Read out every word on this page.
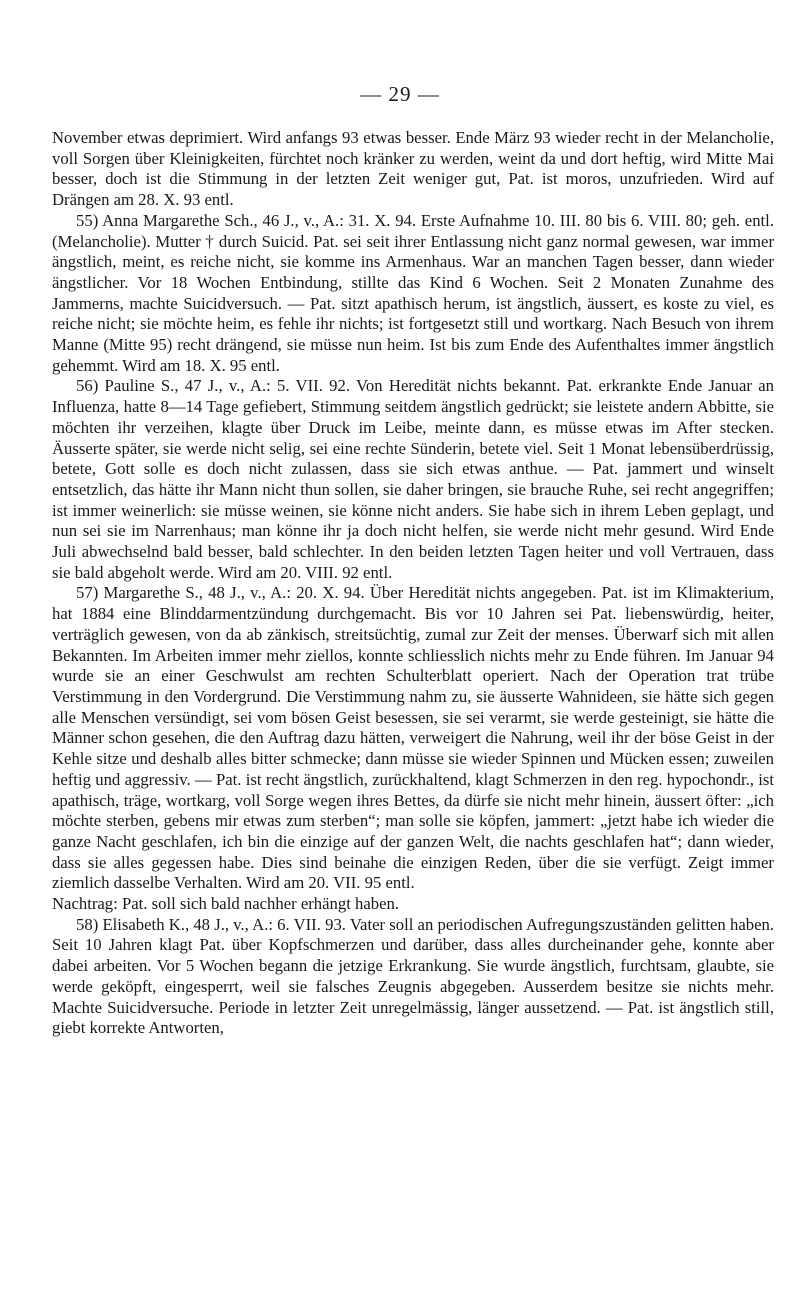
— 29 —

November etwas deprimiert. Wird anfangs 93 etwas besser. Ende März 93 wieder recht in der Melancholie, voll Sorgen über Kleinigkeiten, fürchtet noch kränker zu werden, weint da und dort heftig, wird Mitte Mai besser, doch ist die Stimmung in der letzten Zeit weniger gut, Pat. ist moros, unzufrieden. Wird auf Drängen am 28. X. 93 entl.

55) Anna Margarethe Sch., 46 J., v., A.: 31. X. 94. Erste Aufnahme 10. III. 80 bis 6. VIII. 80; geh. entl. (Melancholie). Mutter † durch Suicid. Pat. sei seit ihrer Entlassung nicht ganz normal gewesen, war immer ängstlich, meint, es reiche nicht, sie komme ins Armenhaus. War an manchen Tagen besser, dann wieder ängstlicher. Vor 18 Wochen Entbindung, stillte das Kind 6 Wochen. Seit 2 Monaten Zunahme des Jammerns, machte Suicidversuch. — Pat. sitzt apathisch herum, ist ängstlich, äussert, es koste zu viel, es reiche nicht; sie möchte heim, es fehle ihr nichts; ist fortgesetzt still und wortkarg. Nach Besuch von ihrem Manne (Mitte 95) recht drängend, sie müsse nun heim. Ist bis zum Ende des Aufenthaltes immer ängstlich gehemmt. Wird am 18. X. 95 entl.

56) Pauline S., 47 J., v., A.: 5. VII. 92. Von Heredität nichts bekannt. Pat. erkrankte Ende Januar an Influenza, hatte 8—14 Tage gefiebert, Stimmung seitdem ängstlich gedrückt; sie leistete andern Abbitte, sie möchten ihr verzeihen, klagte über Druck im Leibe, meinte dann, es müsse etwas im After stecken. Äusserte später, sie werde nicht selig, sei eine rechte Sünderin, betete viel. Seit 1 Monat lebensüberdrüssig, betete, Gott solle es doch nicht zulassen, dass sie sich etwas anthue. — Pat. jammert und winselt entsetzlich, das hätte ihr Mann nicht thun sollen, sie daher bringen, sie brauche Ruhe, sei recht angegriffen; ist immer weinerlich: sie müsse weinen, sie könne nicht anders. Sie habe sich in ihrem Leben geplagt, und nun sei sie im Narrenhaus; man könne ihr ja doch nicht helfen, sie werde nicht mehr gesund. Wird Ende Juli abwechselnd bald besser, bald schlechter. In den beiden letzten Tagen heiter und voll Vertrauen, dass sie bald abgeholt werde. Wird am 20. VIII. 92 entl.

57) Margarethe S., 48 J., v., A.: 20. X. 94. Über Heredität nichts angegeben. Pat. ist im Klimakterium, hat 1884 eine Blinddarmentzündung durchgemacht. Bis vor 10 Jahren sei Pat. liebenswürdig, heiter, verträglich gewesen, von da ab zänkisch, streitsüchtig, zumal zur Zeit der menses. Überwarf sich mit allen Bekannten. Im Arbeiten immer mehr ziellos, konnte schliesslich nichts mehr zu Ende führen. Im Januar 94 wurde sie an einer Geschwulst am rechten Schulterblatt operiert. Nach der Operation trat trübe Verstimmung in den Vordergrund. Die Verstimmung nahm zu, sie äusserte Wahnideen, sie hätte sich gegen alle Menschen versündigt, sei vom bösen Geist besessen, sie sei verarmt, sie werde gesteinigt, sie hätte die Männer schon gesehen, die den Auftrag dazu hätten, verweigert die Nahrung, weil ihr der böse Geist in der Kehle sitze und deshalb alles bitter schmecke; dann müsse sie wieder Spinnen und Mücken essen; zuweilen heftig und aggressiv. — Pat. ist recht ängstlich, zurückhaltend, klagt Schmerzen in den reg. hypochondr., ist apathisch, träge, wortkarg, voll Sorge wegen ihres Bettes, da dürfe sie nicht mehr hinein, äussert öfter: „ich möchte sterben, gebens mir etwas zum sterben“; man solle sie köpfen, jammert: „jetzt habe ich wieder die ganze Nacht geschlafen, ich bin die einzige auf der ganzen Welt, die nachts geschlafen hat“; dann wieder, dass sie alles gegessen habe. Dies sind beinahe die einzigen Reden, über die sie verfügt. Zeigt immer ziemlich dasselbe Verhalten. Wird am 20. VII. 95 entl.

Nachtrag: Pat. soll sich bald nachher erhängt haben.

58) Elisabeth K., 48 J., v., A.: 6. VII. 93. Vater soll an periodischen Aufregungszuständen gelitten haben. Seit 10 Jahren klagt Pat. über Kopfschmerzen und darüber, dass alles durcheinander gehe, konnte aber dabei arbeiten. Vor 5 Wochen begann die jetzige Erkrankung. Sie wurde ängstlich, furchtsam, glaubte, sie werde geköpft, eingesperrt, weil sie falsches Zeugnis abgegeben. Ausserdem besitze sie nichts mehr. Machte Suicidversuche. Periode in letzter Zeit unregelmässig, länger aussetzend. — Pat. ist ängstlich still, giebt korrekte Antworten,
